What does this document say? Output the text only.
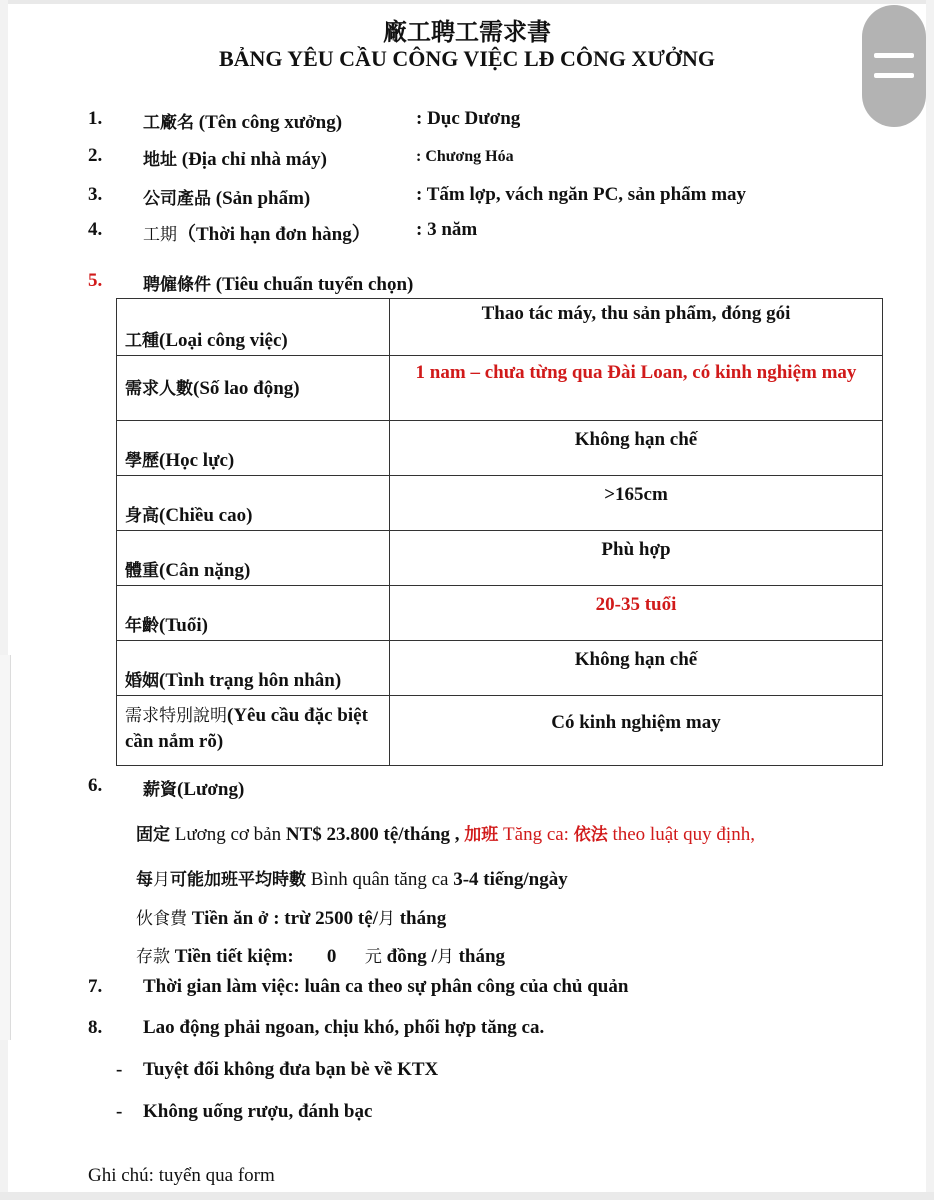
廠工聘工需求書
BẢNG YÊU CẦU CÔNG VIỆC LĐ CÔNG XƯỞNG
1. 工廠名 (Tên công xưởng)	: Dục Dương
2. 地址 (Địa chỉ nhà máy)	: Chương Hóa
3. 公司產品 (Sản phẩm)	: Tấm lợp, vách ngăn PC, sản phẩm may
4. 工期（Thời hạn đơn hàng） : 3 năm
5. 聘僱條件 (Tiêu chuẩn tuyển chọn)
工種(Loại công việc)	Thao tác máy, thu sản phẩm, đóng gói
需求人數(Số lao động)	1 nam – chưa từng qua Đài Loan, có kinh nghiệm may
學歷(Học lực)	Không hạn chế
身高(Chiều cao)	>165cm
體重(Cân nặng)	Phù hợp
年齡(Tuổi)	20-35 tuổi
婚姻(Tình trạng hôn nhân)	Không hạn chế
需求特別說明(Yêu cầu đặc biệt cần nắm rõ)	Có kinh nghiệm may
6. 薪資(Lương)
固定 Lương cơ bản NT$ 23.800 tệ/tháng , 加班 Tăng ca: 依法 theo luật quy định,
每月可能加班平均時數 Bình quân tăng ca 3-4 tiếng/ngày
伙食費 Tiền ăn ở : trừ 2500 tệ/月 tháng
存款 Tiền tiết kiệm:       0      元 đồng /月 tháng
7. Thời gian làm việc: luân ca theo sự phân công của chủ quản
8. Lao động phải ngoan, chịu khó, phối hợp tăng ca.
- Tuyệt đối không đưa bạn bè về KTX
- Không uống rượu, đánh bạc
Ghi chú: tuyển qua form
